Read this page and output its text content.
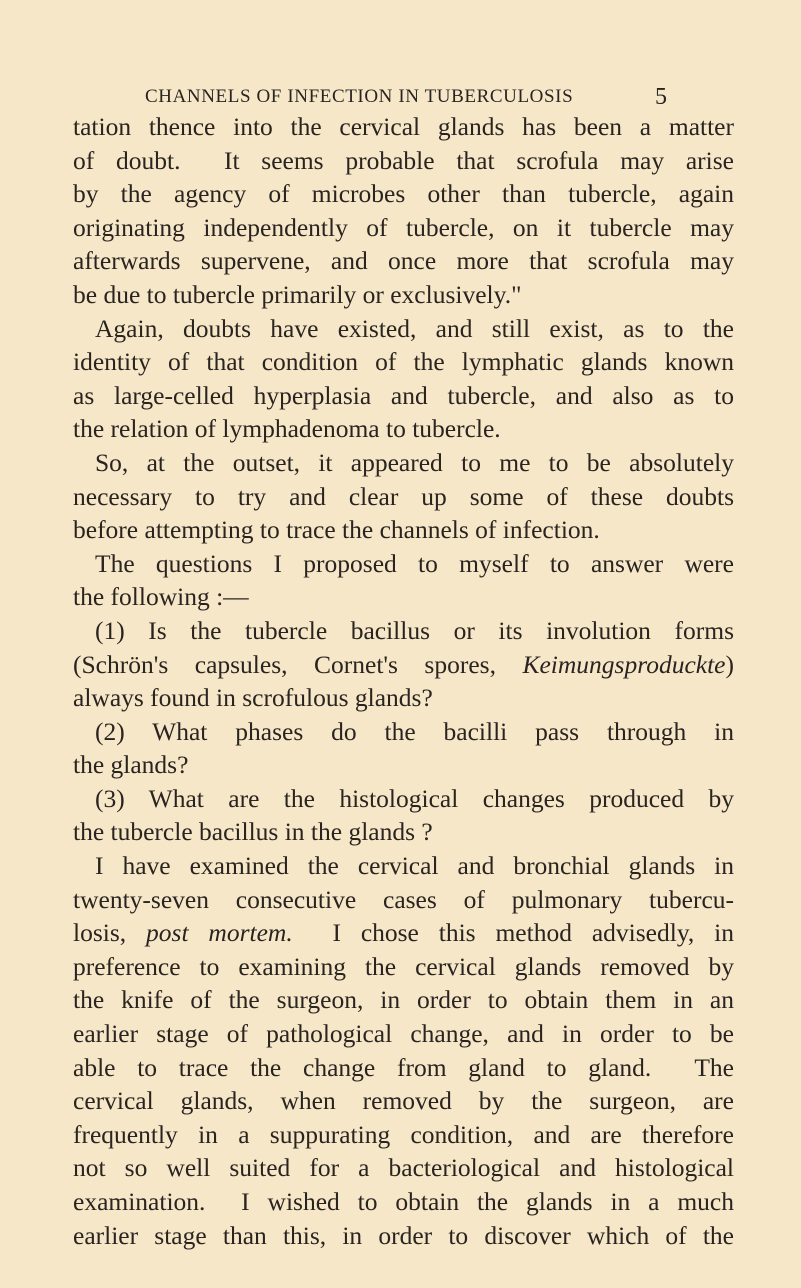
CHANNELS OF INFECTION IN TUBERCULOSIS	5
tation thence into the cervical glands has been a matter
of doubt.  It seems probable that scrofula may arise
by the agency of microbes other than tubercle, again
originating independently of tubercle, on it tubercle may
afterwards supervene, and once more that scrofula may
be due to tubercle primarily or exclusively."
Again, doubts have existed, and still exist, as to the
identity of that condition of the lymphatic glands known
as large-celled hyperplasia and tubercle, and also as to
the relation of lymphadenoma to tubercle.
So, at the outset, it appeared to me to be absolutely
necessary to try and clear up some of these doubts
before attempting to trace the channels of infection.
The questions I proposed to myself to answer were
the following :—
(1) Is the tubercle bacillus or its involution forms
(Schrön's capsules, Cornet's spores, Keimungsproduckte)
always found in scrofulous glands?
(2) What phases do the bacilli pass through in
the glands?
(3) What are the histological changes produced by
the tubercle bacillus in the glands ?
I have examined the cervical and bronchial glands in
twenty-seven consecutive cases of pulmonary tubercu-
losis, post mortem.  I chose this method advisedly, in
preference to examining the cervical glands removed by
the knife of the surgeon, in order to obtain them in an
earlier stage of pathological change, and in order to be
able to trace the change from gland to gland.  The
cervical glands, when removed by the surgeon, are
frequently in a suppurating condition, and are therefore
not so well suited for a bacteriological and histological
examination.  I wished to obtain the glands in a much
earlier stage than this, in order to discover which of the
